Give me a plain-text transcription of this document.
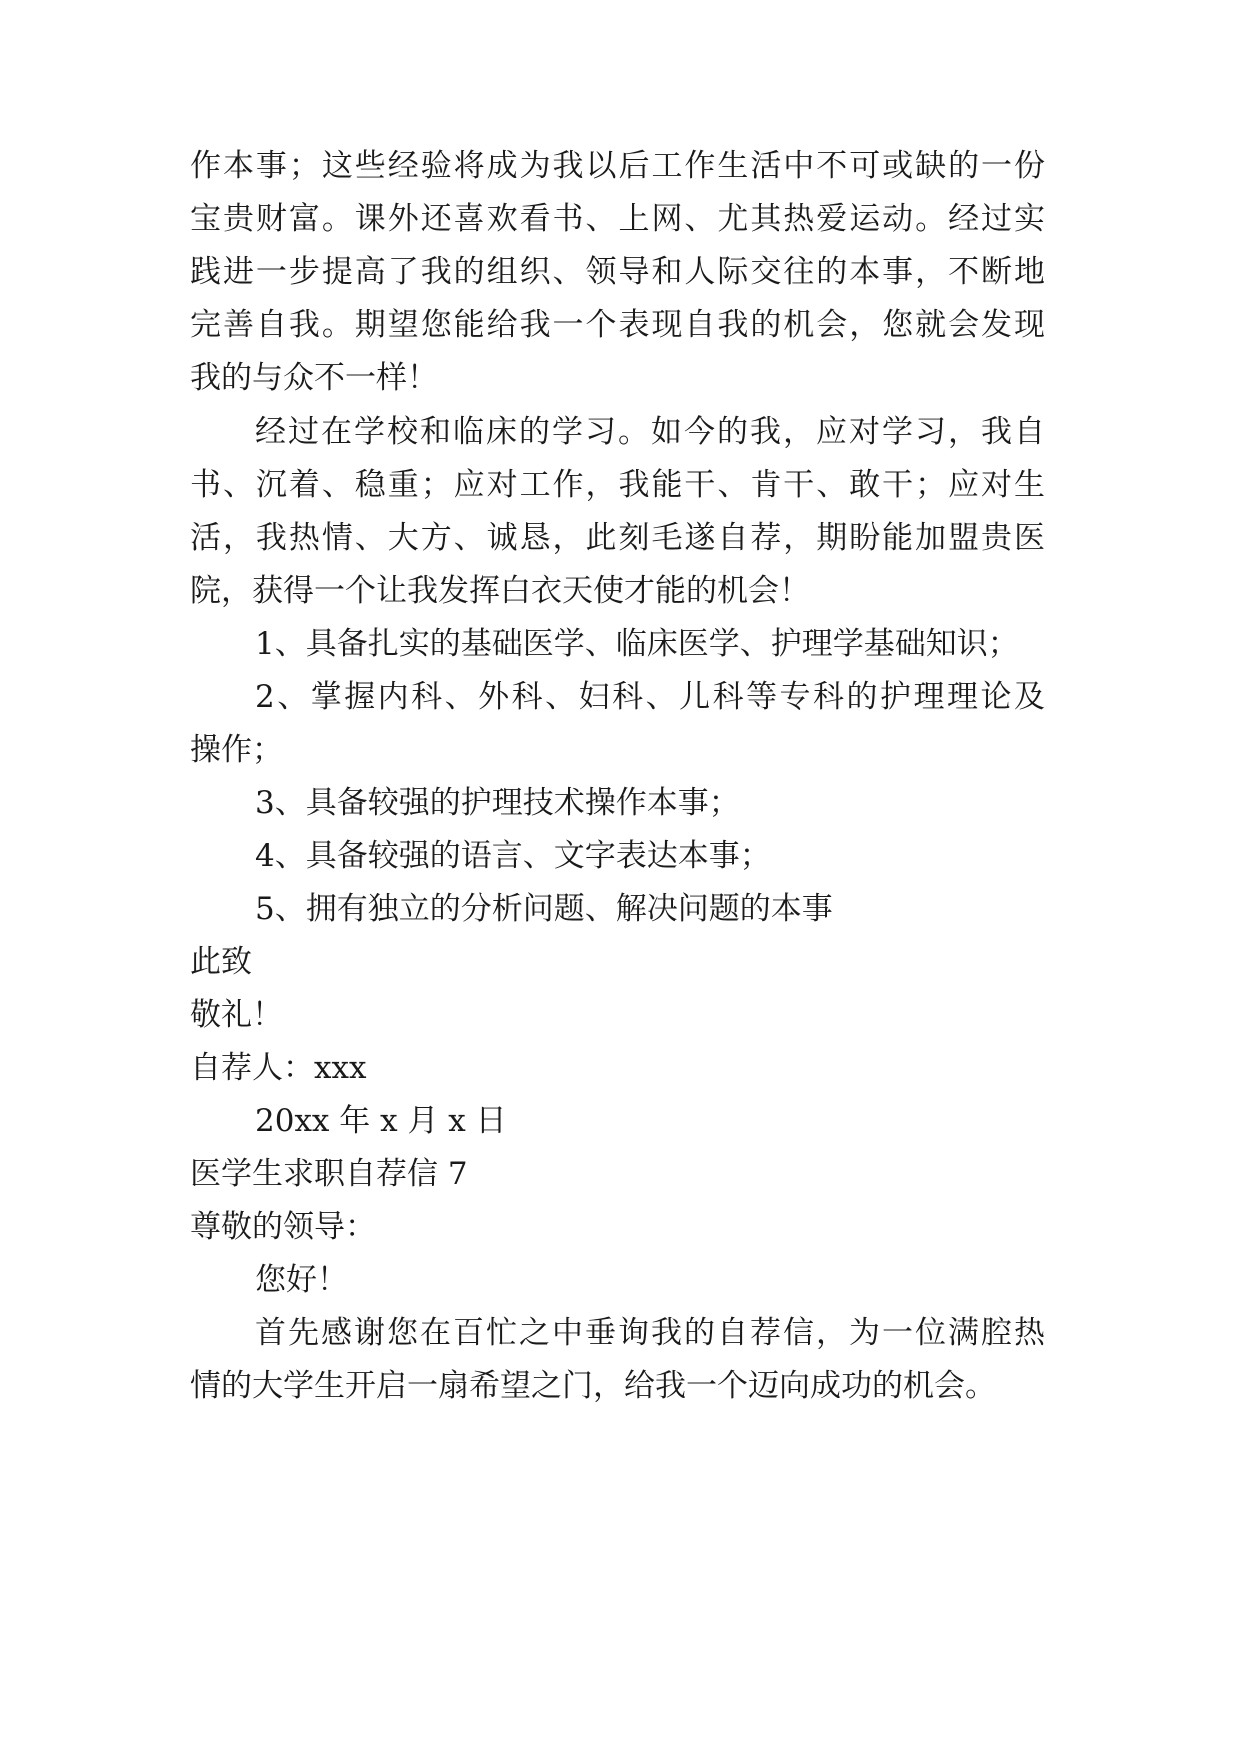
作本事；这些经验将成为我以后工作生活中不可或缺的一份

宝贵财富。课外还喜欢看书、上网、尤其热爱运动。经过实

践进一步提高了我的组织、领导和人际交往的本事，不断地

完善自我。期望您能给我一个表现自我的机会，您就会发现

我的与众不一样！

经过在学校和临床的学习。如今的我，应对学习，我自

书、沉着、稳重；应对工作，我能干、肯干、敢干；应对生

活，我热情、大方、诚恳，此刻毛遂自荐，期盼能加盟贵医

院，获得一个让我发挥白衣天使才能的机会！

1、具备扎实的基础医学、临床医学、护理学基础知识；

2、掌握内科、外科、妇科、儿科等专科的护理理论及

操作；

3、具备较强的护理技术操作本事；

4、具备较强的语言、文字表达本事；

5、拥有独立的分析问题、解决问题的本事

此致

敬礼！

自荐人：xxx

20xx 年 x 月 x 日

医学生求职自荐信 7

尊敬的领导：

您好！

首先感谢您在百忙之中垂询我的自荐信，为一位满腔热

情的大学生开启一扇希望之门，给我一个迈向成功的机会。
